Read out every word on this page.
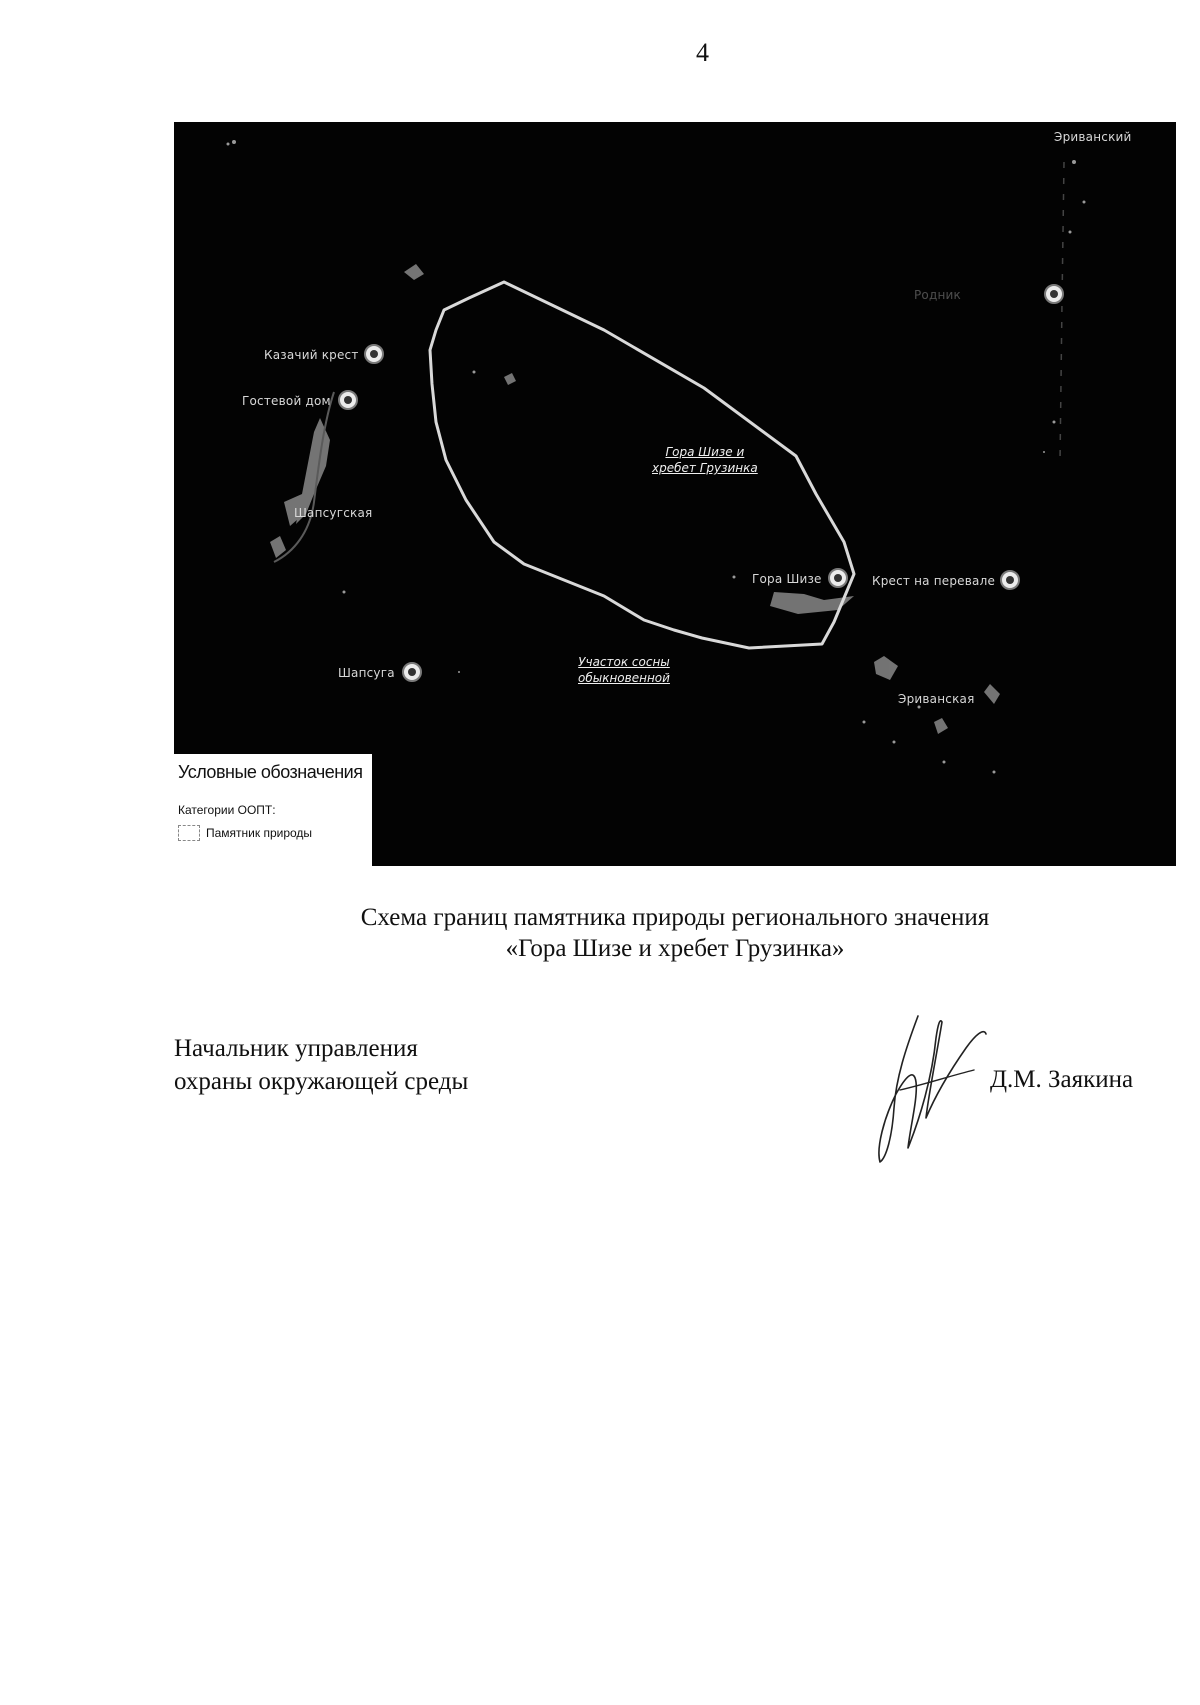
4
Эриванский
Родник
Казачий крест
Гостевой дом
Шапсугская
Гора Шизе	Крест на перевале
Шапсуга
Эриванская
Гора Шизе и
хребет Грузинка
Участок сосны
обыкновенной
Условные обозначения
Категории ООПТ:
Памятник природы
Схема границ памятника природы регионального значения
«Гора Шизе и хребет Грузинка»
Начальник управления
охраны окружающей среды	Д.М. Заякина
